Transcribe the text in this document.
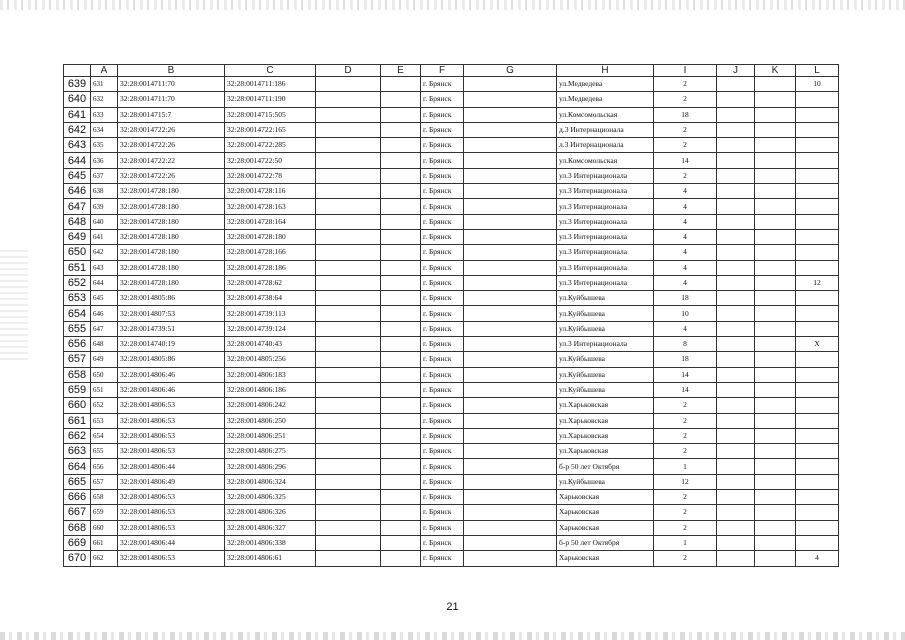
	A	B	C	D	E	F	G	H	I	J	K	L
639	631	32:28:0014711:70	32:28:0014711:186			г. Брянск		ул.Медведева	2			10
640	632	32:28:0014711:70	32:28:0014711:190			г. Брянск		ул.Медведева	2			
641	633	32:28:0014715:7	32:28:0014715:505			г. Брянск		ул.Комсомольская	18			
642	634	32:28:0014722:26	32:28:0014722:165			г. Брянск		д.3 Интернационала	2			
643	635	32:28:0014722:26	32:28:0014722:285			г. Брянск		л.3 Интернационала	2			
644	636	32:28:0014722:22	32:28:0014722:50			г. Брянск		ул.Комсомольская	14			
645	637	32:28:0014722:26	32:28:0014722:78			г. Брянск		ул.3 Интернационала	2			
646	638	32:28:0014728:180	32:28:0014728:116			г. Брянск		ул.3 Интернационала	4			
647	639	32:28:0014728:180	32:28:0014728:163			г. Брянск		ул.3 Интернационала	4			
648	640	32:28:0014728:180	32:28:0014728:164			г. Брянск		ул.3 Интернационала	4			
649	641	32:28:0014728:180	32:28:0014728:180			г. Брянск		ул.3 Интернационала	4			
650	642	32:28:0014728:180	32:28:0014728:166			г. Брянск		ул.3 Интернационала	4			
651	643	32:28:0014728:180	32:28:0014728:186			г. Брянск		ул.3 Интернационала	4			
652	644	32:28:0014728:180	32:28:0014728:62			г. Брянск		ул.3 Интернационала	4			12
653	645	32:28:0014805:86	32:28:0014738:64			г. Брянск		ул.Куйбышева	18			
654	646	32:28:0014807:53	32:28:0014739:113			г. Брянск		ул.Куйбышева	10			
655	647	32:28:0014739:51	32:28:0014739:124			г. Брянск		ул.Куйбышева	4			
656	648	32:28:0014740:19	32:28:0014740:43			г. Брянск		ул.3 Интернационала	8			X
657	649	32:28:0014805:86	32:28:0014805:256			г. Брянск		ул.Куйбышева	18			
658	650	32:28:0014806:46	32:28:0014806:183			г. Брянск		ул.Куйбышева	14			
659	651	32:28:0014806:46	32:28:0014806:186			г. Брянск		ул.Куйбышева	14			
660	652	32:28:0014806:53	32:28:0014806:242			г. Брянск		ул.Харьковская	2			
661	653	32:28:0014806:53	32:28:0014806:250			г. Брянск		ул.Харьковская	2			
662	654	32:28:0014806:53	32:28:0014806:251			г. Брянск		ул.Харьковская	2			
663	655	32:28:0014806:53	32:28:0014806:275			г. Брянск		ул.Харьковская	2			
664	656	32:28:0014806:44	32:28:0014806:296			г. Брянск		б-р 50 лет Октября	1			
665	657	32:28:0014806:49	32:28:0014806:324			г. Брянск		ул.Куйбышева	12			
666	658	32:28:0014806:53	32:28:0014806:325			г. Брянск		Харьковская	2			
667	659	32:28:0014806:53	32:28:0014806:326			г. Брянск		Харьковская	2			
668	660	32:28:0014806:53	32:28:0014806:327			г. Брянск		Харьковская	2			
669	661	32:28:0014806:44	32:28:0014806:338			г. Брянск		б-р 50 лет Октября	1			
670	662	32:28:0014806:53	32:28:0014806:61			г. Брянск		Харьковская	2			4
21
